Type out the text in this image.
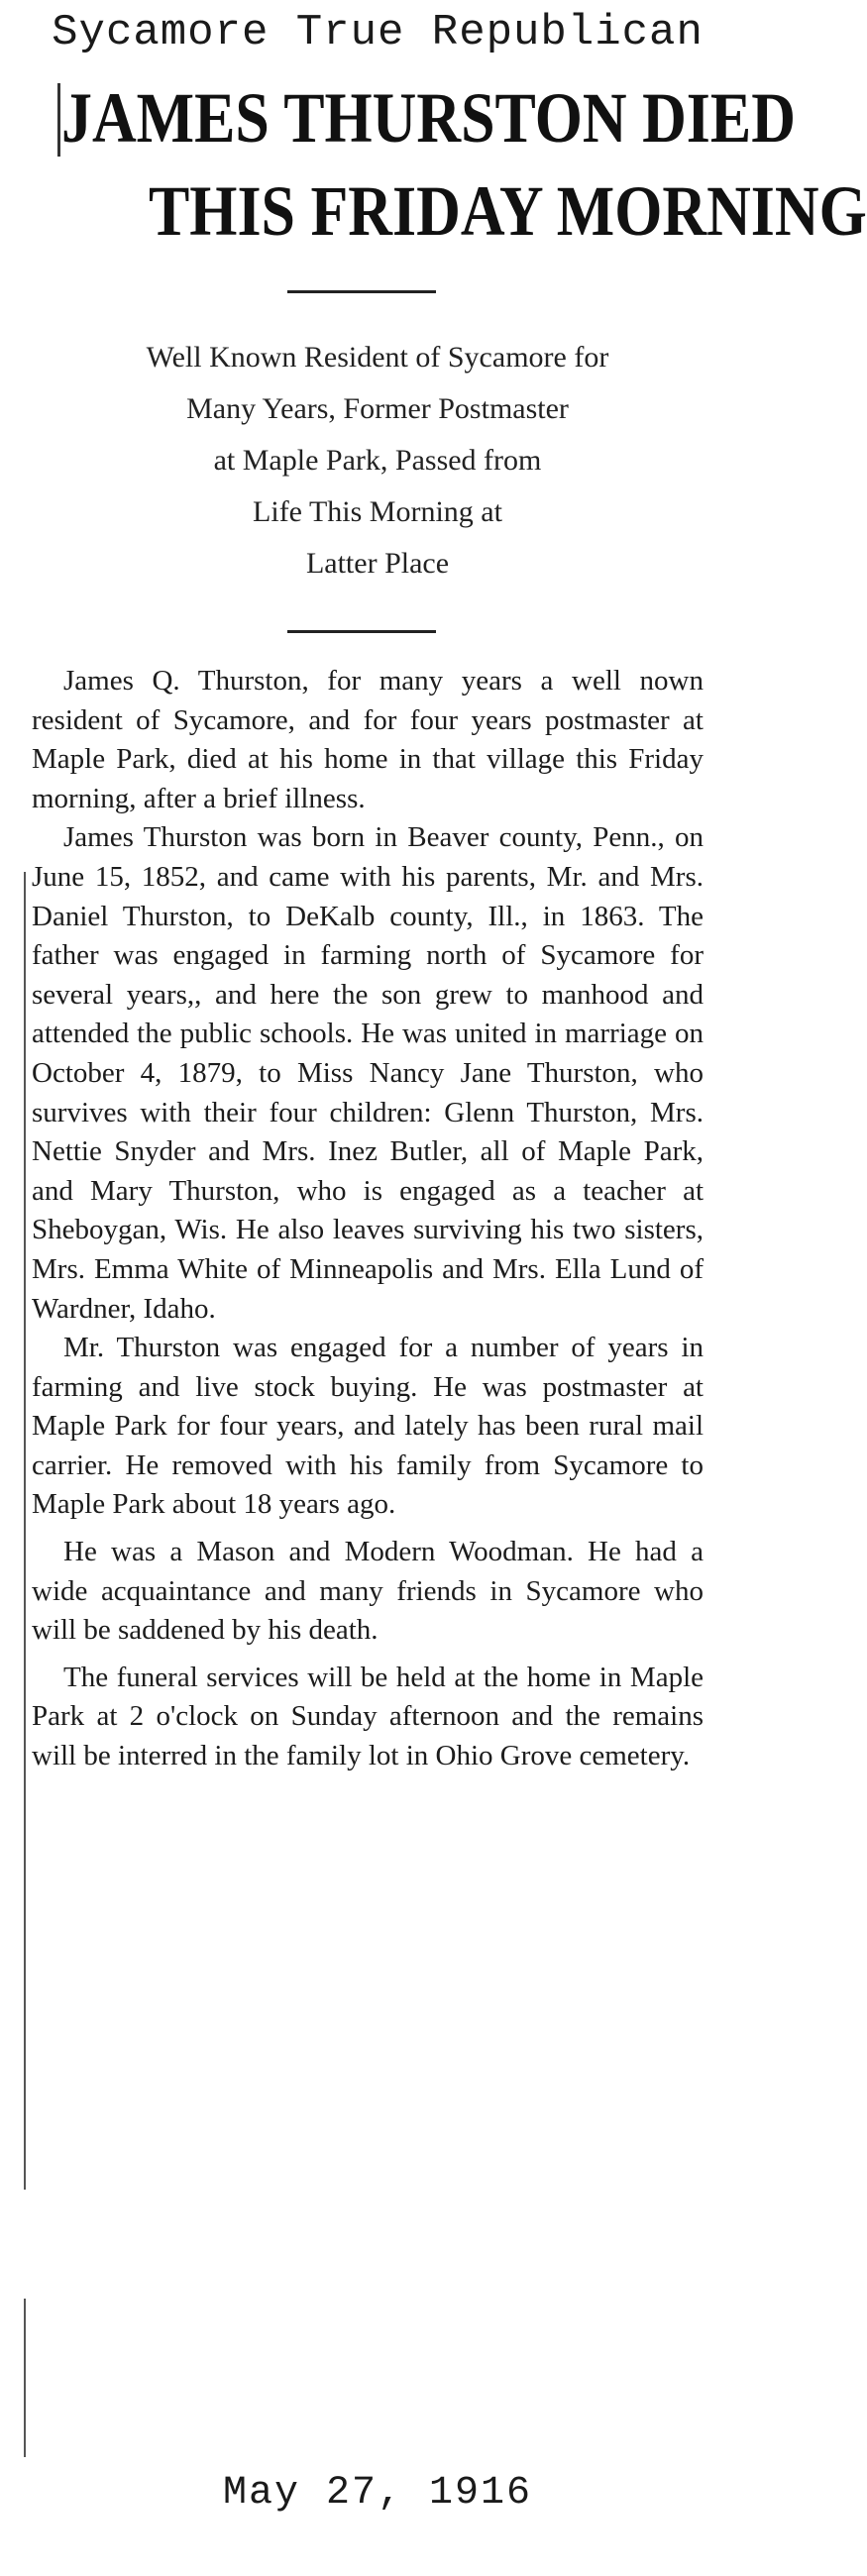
Sycamore True Republican
JAMES THURSTON DIED
THIS FRIDAY MORNING
Well Known Resident of Sycamore for
Many Years, Former Postmaster
at Maple Park, Passed from
Life This Morning at
Latter Place

James Q. Thurston, for many years a well nown resident of Sycamore, and for four years postmaster at Maple Park, died at his home in that village this Friday morning, after a brief illness.

James Thurston was born in Beaver county, Penn., on June 15, 1852, and came with his parents, Mr. and Mrs. Daniel Thurston, to DeKalb county, Ill., in 1863. The father was engaged in farming north of Sycamore for several years,, and here the son grew to manhood and attended the public schools. He was united in marriage on October 4, 1879, to Miss Nancy Jane Thurston, who survives with their four children: Glenn Thurston, Mrs. Nettie Snyder and Mrs. Inez Butler, all of Maple Park, and Mary Thurston, who is engaged as a teacher at Sheboygan, Wis. He also leaves surviving his two sisters, Mrs. Emma White of Minneapolis and Mrs. Ella Lund of Wardner, Idaho.

Mr. Thurston was engaged for a number of years in farming and live stock buying. He was postmaster at Maple Park for four years, and lately has been rural mail carrier. He removed with his family from Sycamore to Maple Park about 18 years ago.

He was a Mason and Modern Woodman. He had a wide acquaintance and many friends in Sycamore who will be saddened by his death.

The funeral services will be held at the home in Maple Park at 2 o'clock on Sunday afternoon and the remains will be interred in the family lot in Ohio Grove cemetery.

May 27, 1916
